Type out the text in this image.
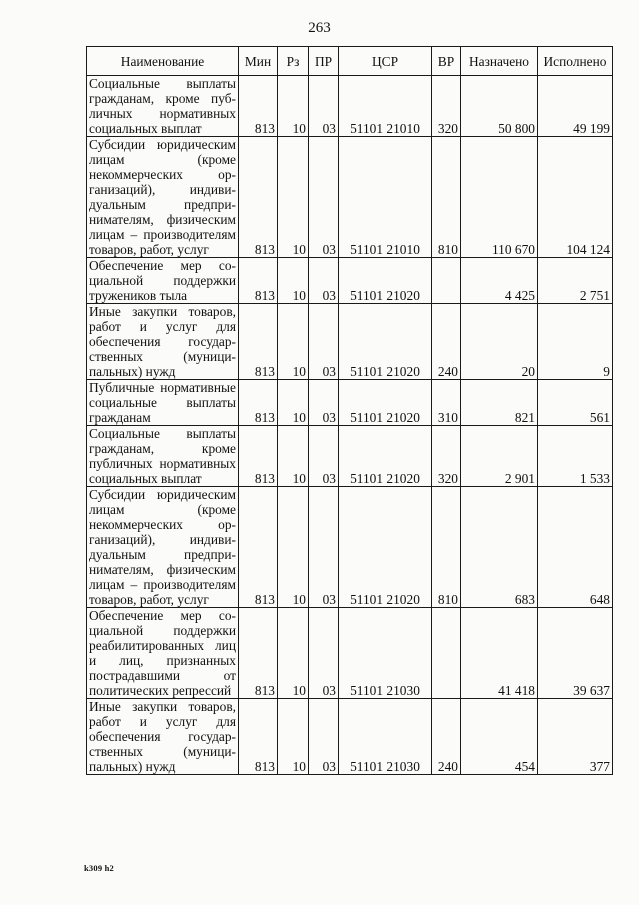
263
Наименование	Мин	Рз	ПР	ЦСР	ВР	Назначено	Исполнено
Социальные выплаты гражданам, кроме публичных нормативных социальных выплат	813	10	03	51101 21010	320	50 800	49 199
Субсидии юридическим лицам (кроме некоммерческих организаций), индивидуальным предпринимателям, физическим лицам – производителям товаров, работ, услуг	813	10	03	51101 21010	810	110 670	104 124
Обеспечение мер социальной поддержки тружеников тыла	813	10	03	51101 21020		4 425	2 751
Иные закупки товаров, работ и услуг для обеспечения государственных (муниципальных) нужд	813	10	03	51101 21020	240	20	9
Публичные нормативные социальные выплаты гражданам	813	10	03	51101 21020	310	821	561
Социальные выплаты гражданам, кроме публичных нормативных социальных выплат	813	10	03	51101 21020	320	2 901	1 533
Субсидии юридическим лицам (кроме некоммерческих организаций), индивидуальным предпринимателям, физическим лицам – производителям товаров, работ, услуг	813	10	03	51101 21020	810	683	648
Обеспечение мер социальной поддержки реабилитированных лиц и лиц, признанных пострадавшими от политических репрессий	813	10	03	51101 21030		41 418	39 637
Иные закупки товаров, работ и услуг для обеспечения государственных (муниципальных) нужд	813	10	03	51101 21030	240	454	377
k309 h2
